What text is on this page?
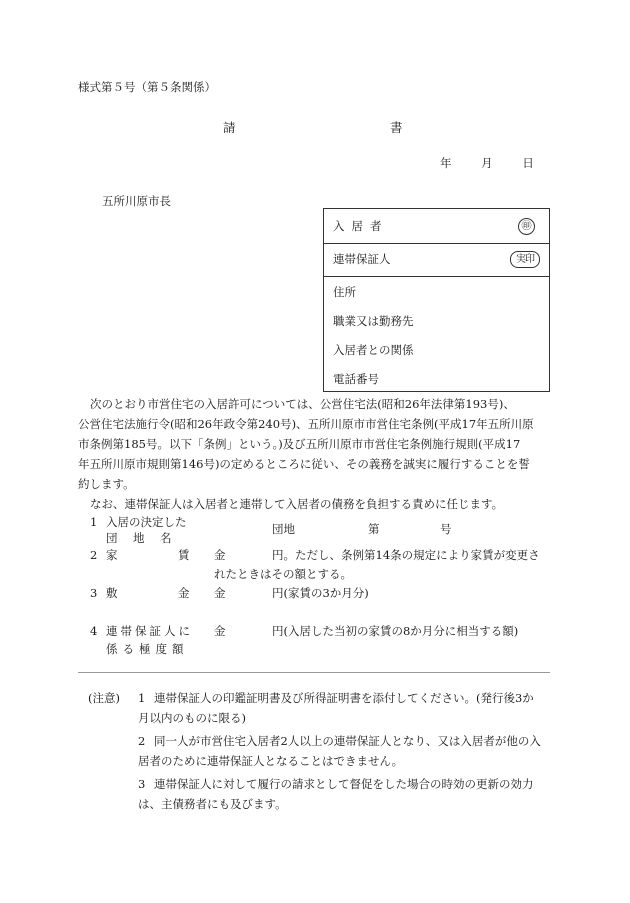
様式第５号（第５条関係）
請	書
年	月	日
五所川原市長
入居者	㊞
連帯保証人	実印
住所
職業又は勤務先
入居者との関係
電話番号
次のとおり市営住宅の入居許可については、公営住宅法(昭和26年法律第193号)、
公営住宅法施行令(昭和26年政令第240号)、五所川原市市営住宅条例(平成17年五所川原
市条例第185号。以下「条例」という。)及び五所川原市市営住宅条例施行規則(平成17
年五所川原市規則第146号)の定めるところに従い、その義務を誠実に履行することを誓
約します。
なお、連帯保証人は入居者と連帯して入居者の債務を負担する責めに任じます。
1 入居の決定した
団　地　名
団地	第	号
2 家	賃 金	円。ただし、条例第14条の規定により家賃が変更さ
れたときはその額とする。
3 敷	金 金	円(家賃の3か月分)
4 連帯保証人に
係る極度額
金	円(入居した当初の家賃の8か月分に相当する額)
(注意) 1 連帯保証人の印鑑証明書及び所得証明書を添付してください。(発行後3か
月以内のものに限る)
2 同一人が市営住宅入居者2人以上の連帯保証人となり、又は入居者が他の入
居者のために連帯保証人となることはできません。
3 連帯保証人に対して履行の請求として督促をした場合の時効の更新の効力
は、主債務者にも及びます。
